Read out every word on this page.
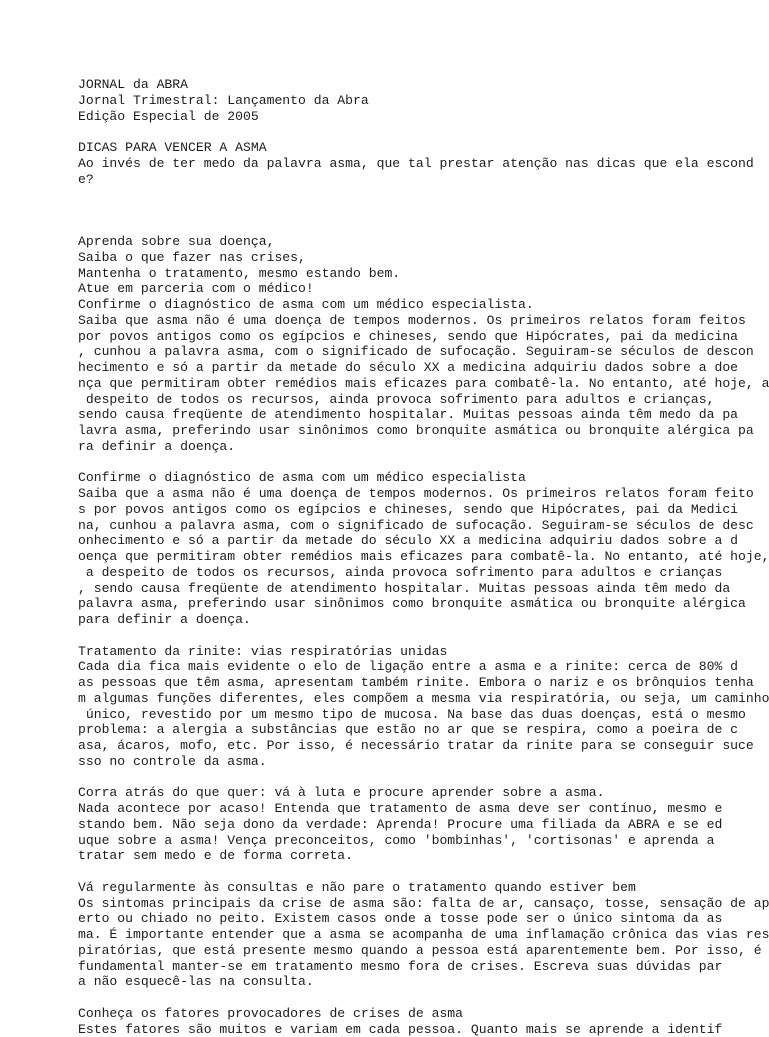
JORNAL da ABRA
Jornal Trimestral: Lançamento da Abra
Edição Especial de 2005
DICAS PARA VENCER A ASMA
Ao invés de ter medo da palavra asma, que tal prestar atenção nas dicas que ela escond
e?
Aprenda sobre sua doença,
Saiba o que fazer nas crises,
Mantenha o tratamento, mesmo estando bem.
Atue em parceria com o médico!
Confirme o diagnóstico de asma com um médico especialista.
Saiba que asma não é uma doença de tempos modernos. Os primeiros relatos foram feitos
por povos antigos como os egípcios e chineses, sendo que Hipócrates, pai da medicina
, cunhou a palavra asma, com o significado de sufocação. Seguiram-se séculos de descon
hecimento e só a partir da metade do século XX a medicina adquiriu dados sobre a doe
nça que permitiram obter remédios mais eficazes para combatê-la. No entanto, até hoje, a
despeito de todos os recursos, ainda provoca sofrimento para adultos e crianças,
sendo causa freqüente de atendimento hospitalar. Muitas pessoas ainda têm medo da pa
lavra asma, preferindo usar sinônimos como bronquite asmática ou bronquite alérgica pa
ra definir a doença.
Confirme o diagnóstico de asma com um médico especialista
Saiba que a asma não é uma doença de tempos modernos. Os primeiros relatos foram feito
s por povos antigos como os egípcios e chineses, sendo que Hipócrates, pai da Medici
na, cunhou a palavra asma, com o significado de sufocação. Seguiram-se séculos de desc
onhecimento e só a partir da metade do século XX a medicina adquiriu dados sobre a d
oença que permitiram obter remédios mais eficazes para combatê-la. No entanto, até hoje,
a despeito de todos os recursos, ainda provoca sofrimento para adultos e crianças
, sendo causa freqüente de atendimento hospitalar. Muitas pessoas ainda têm medo da
palavra asma, preferindo usar sinônimos como bronquite asmática ou bronquite alérgica
para definir a doença.
Tratamento da rinite: vias respiratórias unidas
Cada dia fica mais evidente o elo de ligação entre a asma e a rinite: cerca de 80% d
as pessoas que têm asma, apresentam também rinite. Embora o nariz e os brônquios tenha
m algumas funções diferentes, eles compõem a mesma via respiratória, ou seja, um caminho
único, revestido por um mesmo tipo de mucosa. Na base das duas doenças, está o mesmo
problema: a alergia a substâncias que estão no ar que se respira, como a poeira de c
asa, ácaros, mofo, etc. Por isso, é necessário tratar da rinite para se conseguir suce
sso no controle da asma.
Corra atrás do que quer: vá à luta e procure aprender sobre a asma.
Nada acontece por acaso! Entenda que tratamento de asma deve ser contínuo, mesmo e
stando bem. Não seja dono da verdade: Aprenda! Procure uma filiada da ABRA e se ed
uque sobre a asma! Vença preconceitos, como 'bombinhas', 'cortisonas' e aprenda a
tratar sem medo e de forma correta.
Vá regularmente às consultas e não pare o tratamento quando estiver bem
Os sintomas principais da crise de asma são: falta de ar, cansaço, tosse, sensação de ap
erto ou chiado no peito. Existem casos onde a tosse pode ser o único sintoma da as
ma. É importante entender que a asma se acompanha de uma inflamação crônica das vias res
piratórias, que está presente mesmo quando a pessoa está aparentemente bem. Por isso, é
fundamental manter-se em tratamento mesmo fora de crises. Escreva suas dúvidas par
a não esquecê-las na consulta.
Conheça os fatores provocadores de crises de asma
Estes fatores são muitos e variam em cada pessoa. Quanto mais se aprende a identif
